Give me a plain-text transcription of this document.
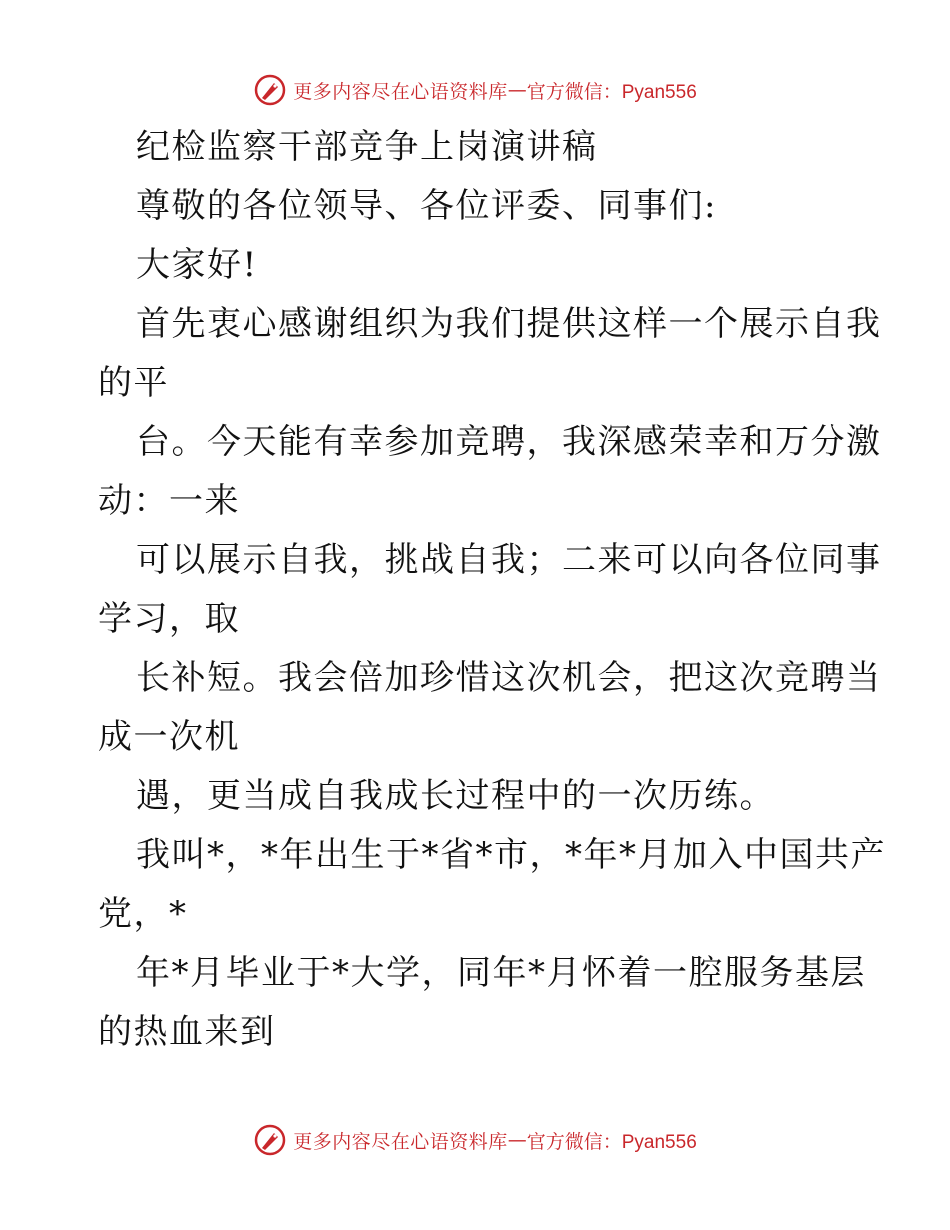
更多内容尽在心语资料库 — 官方微信：Pyan556
纪检监察干部竞争上岗演讲稿
尊敬的各位领导、各位评委、同事们:
大家好!
首先衷心感谢组织为我们提供这样一个展示自我
的平
台。今天能有幸参加竞聘，我深感荣幸和万分激
动：一来
可以展示自我，挑战自我；二来可以向各位同事
学习，取
长补短。我会倍加珍惜这次机会，把这次竞聘当
成一次机
遇，更当成自我成长过程中的一次历练。
我叫*，*年出生于*省*市，*年*月加入中国共产
党，*
年*月毕业于*大学，同年*月怀着一腔服务基层
的热血来到
更多内容尽在心语资料库 — 官方微信：Pyan556
